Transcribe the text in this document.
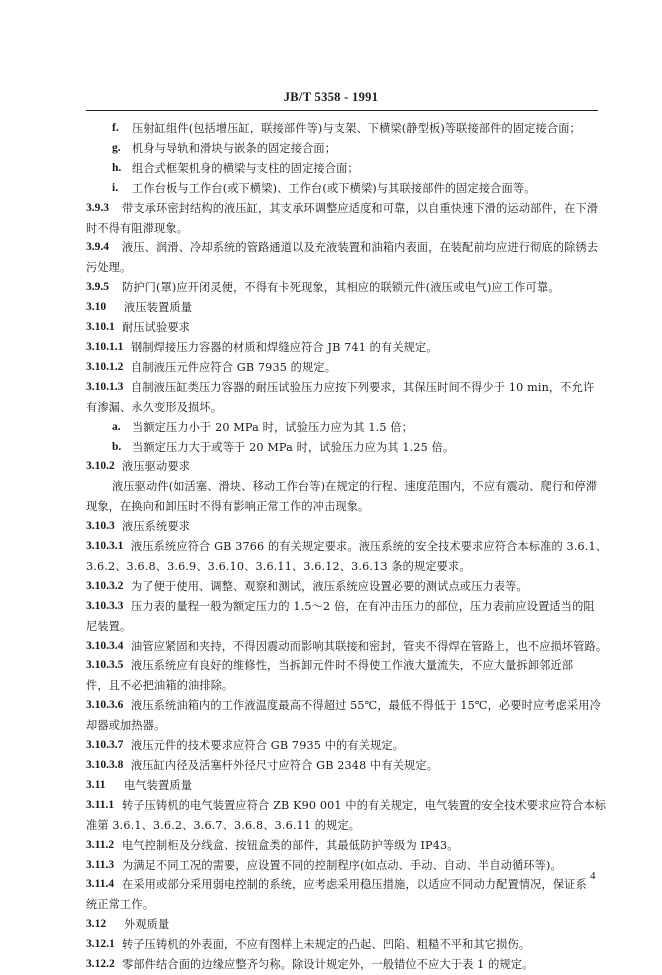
JB/T 5358 - 1991
f.	压射缸组件(包括增压缸，联接部件等)与支架、下横梁(静型板)等联接部件的固定接合面；
g.	机身与导轨和滑块与嵌条的固定接合面；
h. 组合式框架机身的横梁与支柱的固定接合面；
i.	工作台板与工作台(或下横梁)、工作台(或下横梁)与其联接部件的固定接合面等。
3.9.3	带支承环密封结构的液压缸，其支承环调整应适度和可靠，以自重快速下滑的运动部件，在下滑
时不得有阻滞现象。
3.9.4	液压、润滑、冷却系统的管路通道以及充液装置和油箱内表面，在装配前均应进行彻底的除锈去
污处理。
3.9.5	防护门(罩)应开闭灵便，不得有卡死现象，其相应的联锁元件(液压或电气)应工作可靠。
3.10	液压装置质量
3.10.1 耐压试验要求
3.10.1.1 钢制焊接压力容器的材质和焊缝应符合 JB 741 的有关规定。
3.10.1.2 自制液压元件应符合 GB 7935 的规定。
3.10.1.3 自制液压缸类压力容器的耐压试验压力应按下列要求，其保压时间不得少于 10 min，不允许
有渗漏、永久变形及损坏。
a.	当额定压力小于 20 MPa 时，试验压力应为其 1.5 倍；
b. 当额定压力大于或等于 20 MPa 时，试验压力应为其 1.25 倍。
3.10.2 液压驱动要求
液压驱动件(如活塞、滑块、移动工作台等)在规定的行程、速度范围内，不应有震动、爬行和停滞
现象，在换向和卸压时不得有影响正常工作的冲击现象。
3.10.3 液压系统要求
3.10.3.1 液压系统应符合 GB 3766 的有关规定要求。液压系统的安全技术要求应符合本标准的 3.6.1、
3.6.2、3.6.8、3.6.9、3.6.10、3.6.11、3.6.12、3.6.13 条的规定要求。
3.10.3.2 为了便于使用、调整、观察和测试，液压系统应设置必要的测试点或压力表等。
3.10.3.3 压力表的量程一般为额定压力的 1.5～2 倍，在有冲击压力的部位，压力表前应设置适当的阻
尼装置。
3.10.3.4 油管应紧固和夹持，不得因震动而影响其联接和密封，管夹不得焊在管路上，也不应损坏管路。
3.10.3.5 液压系统应有良好的维修性，当拆卸元件时不得使工作液大量流失，不应大量拆卸邻近部
件，且不必把油箱的油排除。
3.10.3.6 液压系统油箱内的工作液温度最高不得超过 55℃，最低不得低于 15℃，必要时应考虑采用冷
却器或加热器。
3.10.3.7 液压元件的技术要求应符合 GB 7935 中的有关规定。
3.10.3.8 液压缸内径及活塞杆外径尺寸应符合 GB 2348 中有关规定。
3.11	电气装置质量
3.11.1 转子压铸机的电气装置应符合 ZB K90 001 中的有关规定，电气装置的安全技术要求应符合本标
准第 3.6.1、3.6.2、3.6.7、3.6.8、3.6.11 的规定。
3.11.2 电气控制柜及分线盒、按钮盒类的部件，其最低防护等级为 IP43。
3.11.3 为满足不同工况的需要，应设置不同的控制程序(如点动、手动、自动、半自动循环等)。
3.11.4 在采用或部分采用弱电控制的系统，应考虑采用稳压措施，以适应不同动力配置情况，保证系
统正常工作。
3.12	外观质量
3.12.1 转子压铸机的外表面，不应有图样上未规定的凸起、凹陷、粗糙不平和其它损伤。
3.12.2 零部件结合面的边缘应整齐匀称。除设计规定外，一般错位不应大于表 1 的规定。
4
